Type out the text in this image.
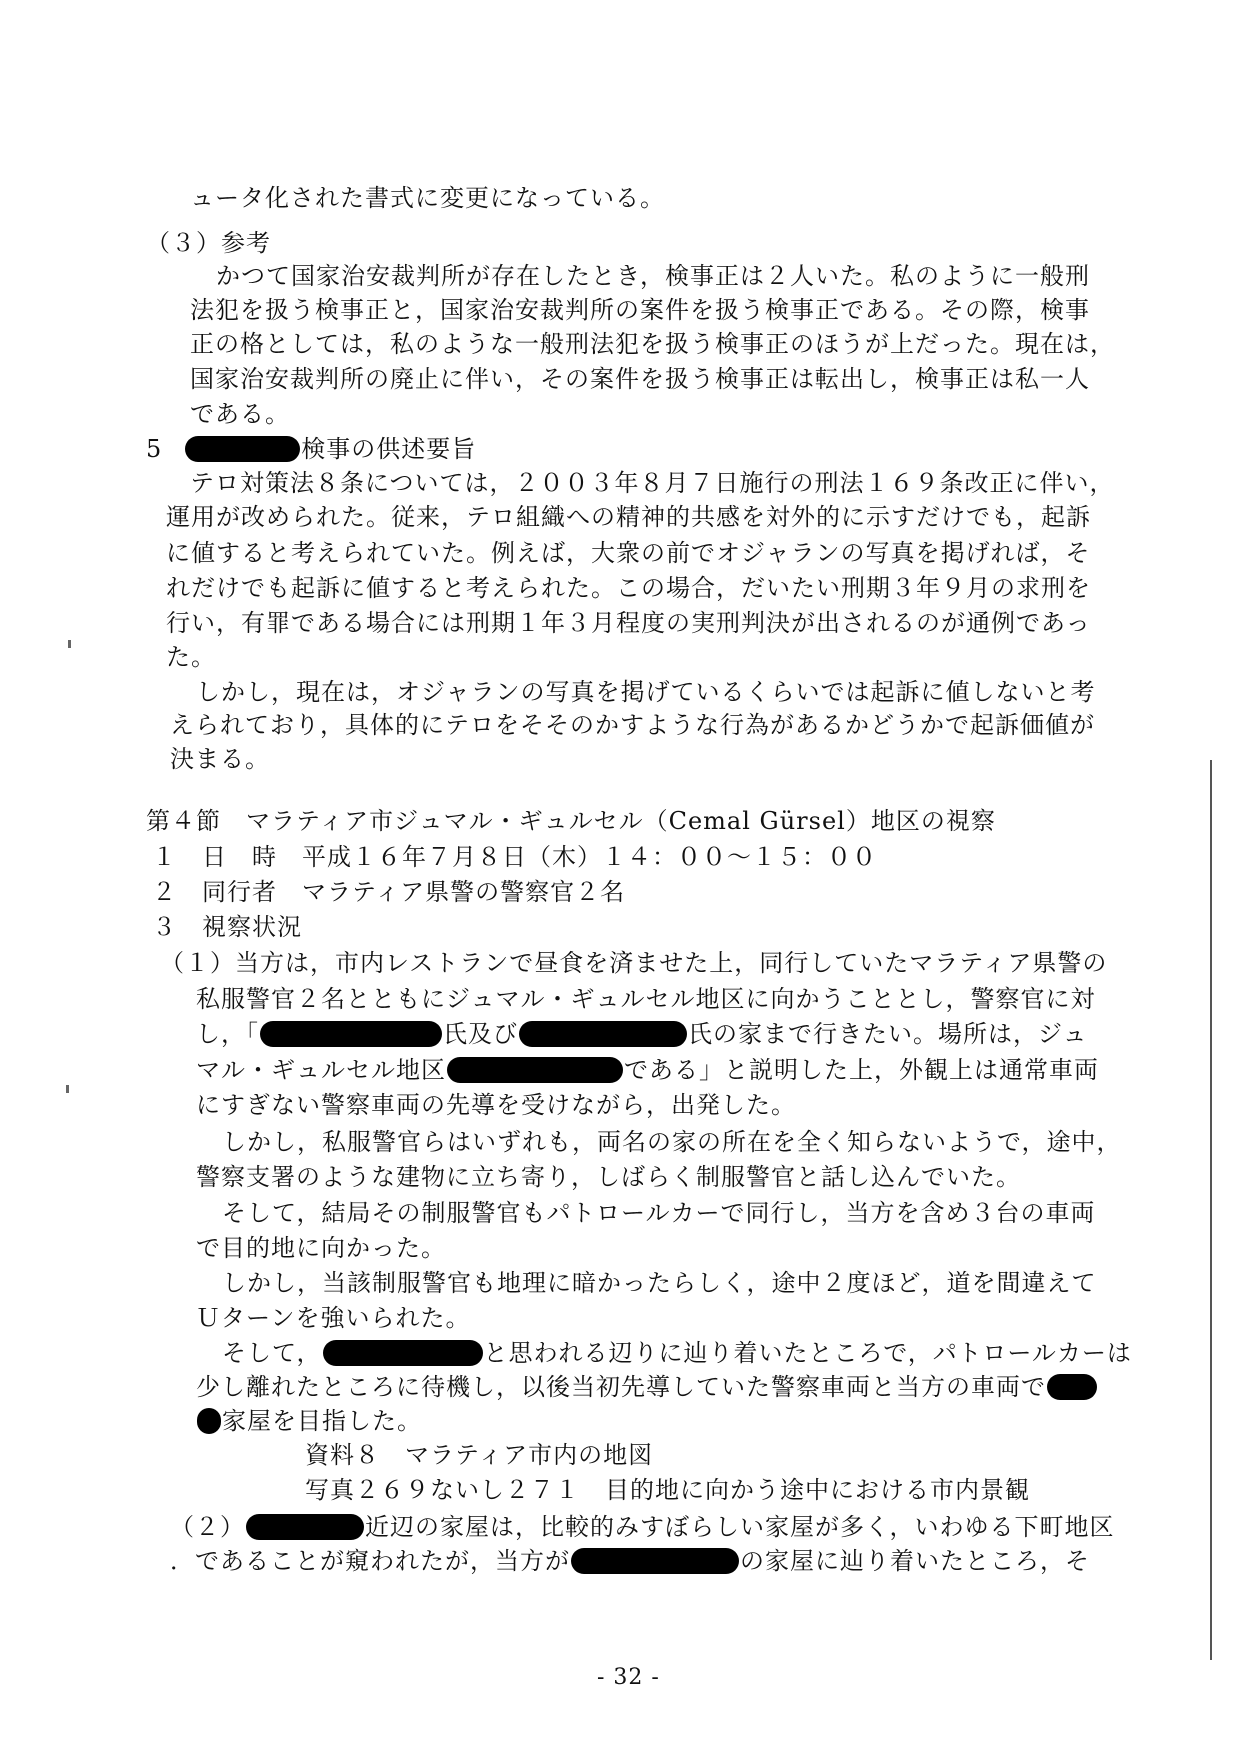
ュータ化された書式に変更になっている。
（３）参考
かつて国家治安裁判所が存在したとき，検事正は２人いた。私のように一般刑
法犯を扱う検事正と，国家治安裁判所の案件を扱う検事正である。その際，検事
正の格としては，私のような一般刑法犯を扱う検事正のほうが上だった。現在は，
国家治安裁判所の廃止に伴い，その案件を扱う検事正は転出し，検事正は私一人
である。
5	検事の供述要旨
テロ対策法８条については，２００３年８月７日施行の刑法１６９条改正に伴い，
運用が改められた。従来，テロ組織への精神的共感を対外的に示すだけでも，起訴
に値すると考えられていた。例えば，大衆の前でオジャランの写真を掲げれば，そ
れだけでも起訴に値すると考えられた。この場合，だいたい刑期３年９月の求刑を
行い，有罪である場合には刑期１年３月程度の実刑判決が出されるのが通例であっ
た。
しかし，現在は，オジャランの写真を掲げているくらいでは起訴に値しないと考
えられており，具体的にテロをそそのかすような行為があるかどうかで起訴価値が
決まる。
第４節　マラティア市ジュマル・ギュルセル（Cemal Gürsel）地区の視察
１　日　時　平成１６年７月８日（木）１４：００～１５：００
２　同行者　マラティア県警の警察官２名
３　視察状況
（１）当方は，市内レストランで昼食を済ませた上，同行していたマラティア県警の
私服警官２名とともにジュマル・ギュルセル地区に向かうこととし，警察官に対
し，「	氏及び	氏の家まで行きたい。場所は，ジュ
マル・ギュルセル地区	である」と説明した上，外観上は通常車両
にすぎない警察車両の先導を受けながら，出発した。
しかし，私服警官らはいずれも，両名の家の所在を全く知らないようで，途中，
警察支署のような建物に立ち寄り，しばらく制服警官と話し込んでいた。
そして，結局その制服警官もパトロールカーで同行し，当方を含め３台の車両
で目的地に向かった。
しかし，当該制服警官も地理に暗かったらしく，途中２度ほど，道を間違えて
Ｕターンを強いられた。
そして，	と思われる辺りに辿り着いたところで，パトロールカーは
少し離れたところに待機し，以後当初先導していた警察車両と当方の車両で
家屋を目指した。
資料８　マラティア市内の地図
写真２６９ないし２７１　目的地に向かう途中における市内景観
（２）	近辺の家屋は，比較的みすぼらしい家屋が多く，いわゆる下町地区
．であることが窺われたが，当方が	の家屋に辿り着いたところ，そ
- 32 -
